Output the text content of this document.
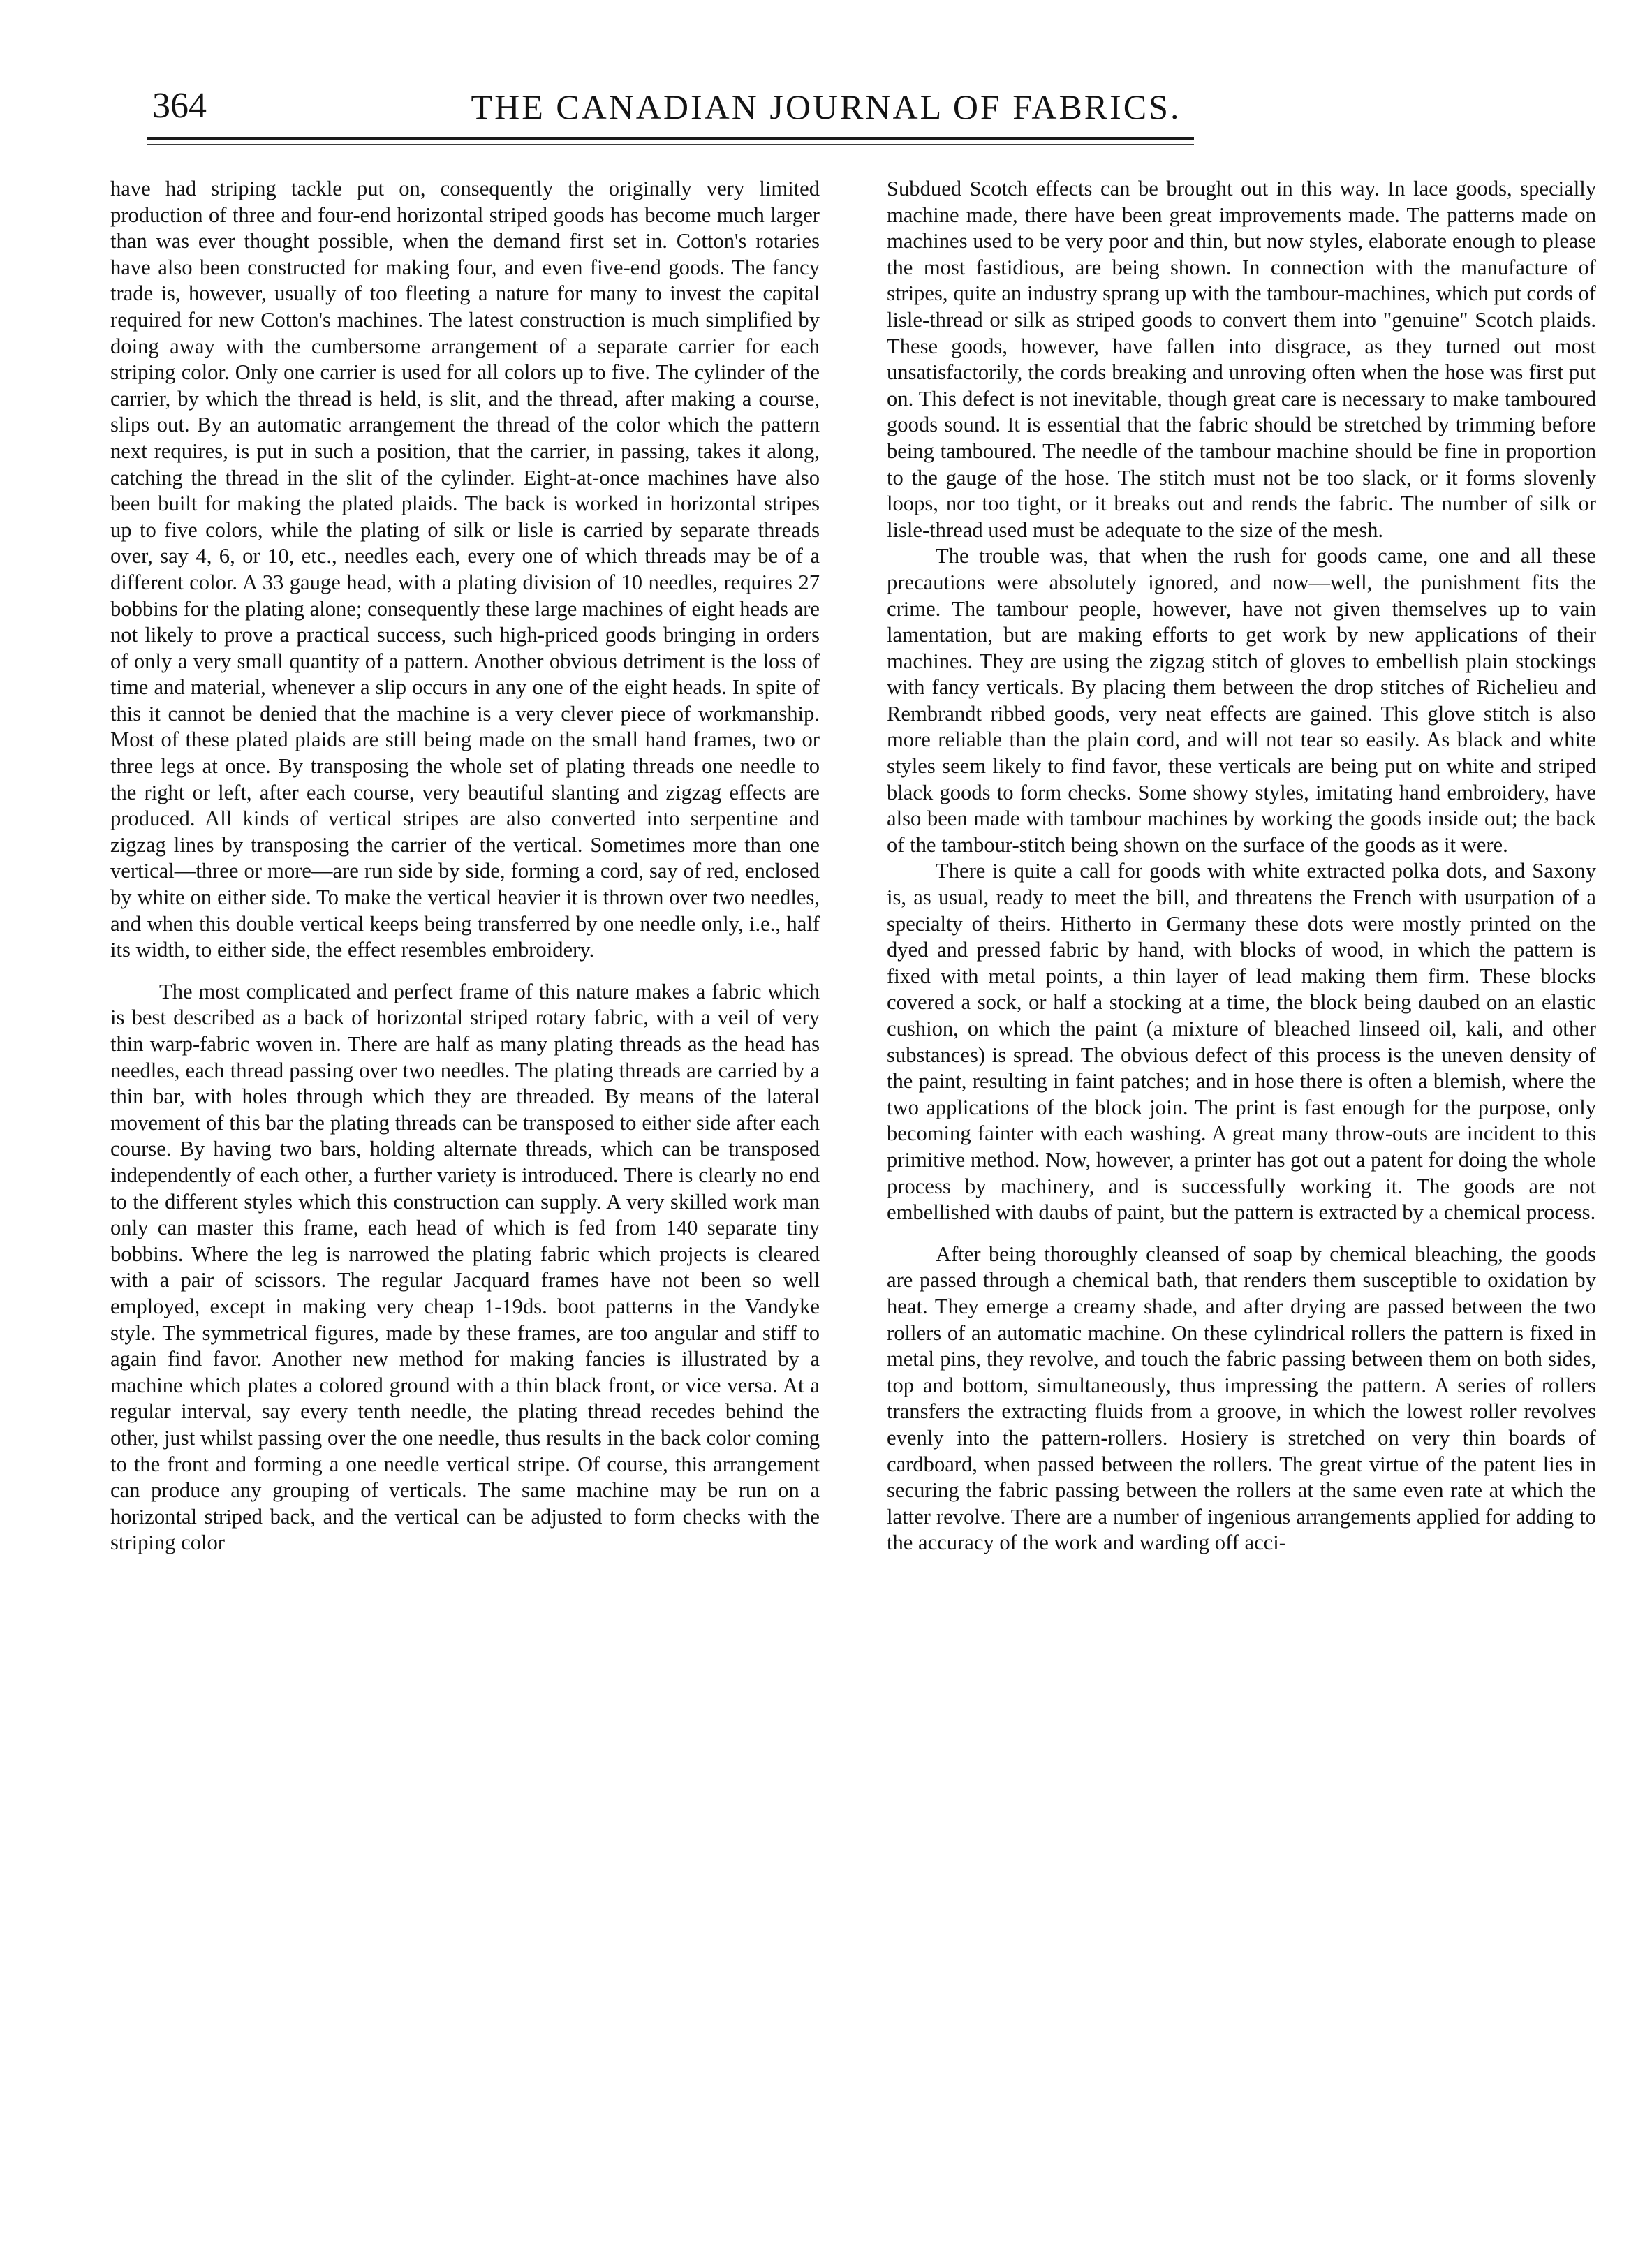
364	THE CANADIAN JOURNAL OF FABRICS.

have had striping tackle put on, consequently the originally very limited production of three and four-end horizontal striped goods has become much larger than was ever thought possible, when the demand first set in. Cotton's rotaries have also been constructed for making four, and even five-end goods. The fancy trade is, however, usually of too fleeting a nature for many to invest the capital required for new Cotton's machines. The latest construction is much simplified by doing away with the cumbersome arrangement of a separate carrier for each striping color. Only one carrier is used for all colors up to five. The cylinder of the carrier, by which the thread is held, is slit, and the thread, after making a course, slips out. By an automatic arrangement the thread of the color which the pattern next requires, is put in such a position, that the carrier, in passing, takes it along, catching the thread in the slit of the cylinder. Eight-at-once machines have also been built for making the plated plaids. The back is worked in horizontal stripes up to five colors, while the plating of silk or lisle is carried by separate threads over, say 4, 6, or 10, etc., needles each, every one of which threads may be of a different color. A 33 gauge head, with a plating division of 10 needles, requires 27 bobbins for the plating alone; consequently these large machines of eight heads are not likely to prove a practical success, such high-priced goods bringing in orders of only a very small quantity of a pattern. Another obvious detriment is the loss of time and material, whenever a slip occurs in any one of the eight heads. In spite of this it cannot be denied that the machine is a very clever piece of workmanship. Most of these plated plaids are still being made on the small hand frames, two or three legs at once. By transposing the whole set of plating threads one needle to the right or left, after each course, very beautiful slanting and zigzag effects are produced. All kinds of vertical stripes are also converted into serpentine and zigzag lines by transposing the carrier of the vertical. Sometimes more than one vertical—three or more—are run side by side, forming a cord, say of red, enclosed by white on either side. To make the vertical heavier it is thrown over two needles, and when this double vertical keeps being transferred by one needle only, i.e., half its width, to either side, the effect resembles embroidery.

The most complicated and perfect frame of this nature makes a fabric which is best described as a back of horizontal striped rotary fabric, with a veil of very thin warp-fabric woven in. There are half as many plating threads as the head has needles, each thread passing over two needles. The plating threads are carried by a thin bar, with holes through which they are threaded. By means of the lateral movement of this bar the plating threads can be transposed to either side after each course. By having two bars, holding alternate threads, which can be transposed independently of each other, a further variety is introduced. There is clearly no end to the different styles which this construction can supply. A very skilled work man only can master this frame, each head of which is fed from 140 separate tiny bobbins. Where the leg is narrowed the plating fabric which projects is cleared with a pair of scissors. The regular Jacquard frames have not been so well employed, except in making very cheap 1-19ds. boot patterns in the Vandyke style. The symmetrical figures, made by these frames, are too angular and stiff to again find favor. Another new method for making fancies is illustrated by a machine which plates a colored ground with a thin black front, or vice versa. At a regular interval, say every tenth needle, the plating thread recedes behind the other, just whilst passing over the one needle, thus results in the back color coming to the front and forming a one needle vertical stripe. Of course, this arrangement can produce any grouping of verticals. The same machine may be run on a horizontal striped back, and the vertical can be adjusted to form checks with the striping color

Subdued Scotch effects can be brought out in this way. In lace goods, specially machine made, there have been great improvements made. The patterns made on machines used to be very poor and thin, but now styles, elaborate enough to please the most fastidious, are being shown. In connection with the manufacture of stripes, quite an industry sprang up with the tambour-machines, which put cords of lisle-thread or silk as striped goods to convert them into "genuine" Scotch plaids. These goods, however, have fallen into disgrace, as they turned out most unsatisfactorily, the cords breaking and unroving often when the hose was first put on. This defect is not inevitable, though great care is necessary to make tamboured goods sound. It is essential that the fabric should be stretched by trimming before being tamboured. The needle of the tambour machine should be fine in proportion to the gauge of the hose. The stitch must not be too slack, or it forms slovenly loops, nor too tight, or it breaks out and rends the fabric. The number of silk or lisle-thread used must be adequate to the size of the mesh.

The trouble was, that when the rush for goods came, one and all these precautions were absolutely ignored, and now—well, the punishment fits the crime. The tambour people, however, have not given themselves up to vain lamentation, but are making efforts to get work by new applications of their machines. They are using the zigzag stitch of gloves to embellish plain stockings with fancy verticals. By placing them between the drop stitches of Richelieu and Rembrandt ribbed goods, very neat effects are gained. This glove stitch is also more reliable than the plain cord, and will not tear so easily. As black and white styles seem likely to find favor, these verticals are being put on white and striped black goods to form checks. Some showy styles, imitating hand embroidery, have also been made with tambour machines by working the goods inside out; the back of the tambour-stitch being shown on the surface of the goods as it were.

There is quite a call for goods with white extracted polka dots, and Saxony is, as usual, ready to meet the bill, and threatens the French with usurpation of a specialty of theirs. Hitherto in Germany these dots were mostly printed on the dyed and pressed fabric by hand, with blocks of wood, in which the pattern is fixed with metal points, a thin layer of lead making them firm. These blocks covered a sock, or half a stocking at a time, the block being daubed on an elastic cushion, on which the paint (a mixture of bleached linseed oil, kali, and other substances) is spread. The obvious defect of this process is the uneven density of the paint, resulting in faint patches; and in hose there is often a blemish, where the two applications of the block join. The print is fast enough for the purpose, only becoming fainter with each washing. A great many throw-outs are incident to this primitive method. Now, however, a printer has got out a patent for doing the whole process by machinery, and is successfully working it. The goods are not embellished with daubs of paint, but the pattern is extracted by a chemical process.

After being thoroughly cleansed of soap by chemical bleaching, the goods are passed through a chemical bath, that renders them susceptible to oxidation by heat. They emerge a creamy shade, and after drying are passed between the two rollers of an automatic machine. On these cylindrical rollers the pattern is fixed in metal pins, they revolve, and touch the fabric passing between them on both sides, top and bottom, simultaneously, thus impressing the pattern. A series of rollers transfers the extracting fluids from a groove, in which the lowest roller revolves evenly into the pattern-rollers. Hosiery is stretched on very thin boards of cardboard, when passed between the rollers. The great virtue of the patent lies in securing the fabric passing between the rollers at the same even rate at which the latter revolve. There are a number of ingenious arrangements applied for adding to the accuracy of the work and warding off acci-
